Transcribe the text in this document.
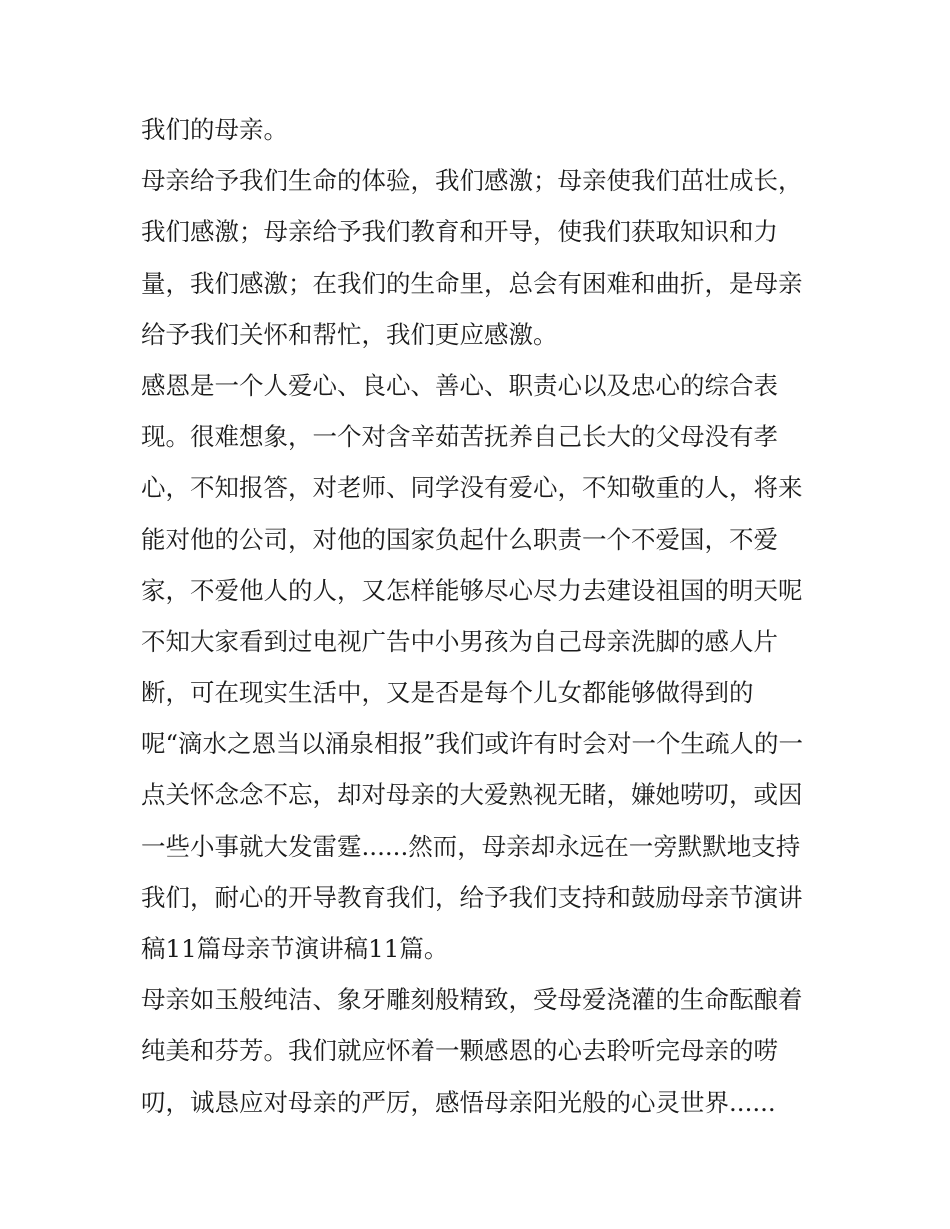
我们的母亲。

母亲给予我们生命的体验，我们感激；母亲使我们茁壮成长，
我们感激；母亲给予我们教育和开导，使我们获取知识和力
量，我们感激；在我们的生命里，总会有困难和曲折，是母亲
给予我们关怀和帮忙，我们更应感激。

感恩是一个人爱心、良心、善心、职责心以及忠心的综合表
现。很难想象，一个对含辛茹苦抚养自己长大的父母没有孝
心，不知报答，对老师、同学没有爱心，不知敬重的人，将来
能对他的公司，对他的国家负起什么职责一个不爱国，不爱
家，不爱他人的人，又怎样能够尽心尽力去建设祖国的明天呢
不知大家看到过电视广告中小男孩为自己母亲洗脚的感人片
断，可在现实生活中，又是否是每个儿女都能够做得到的
呢“滴水之恩当以涌泉相报”我们或许有时会对一个生疏人的一
点关怀念念不忘，却对母亲的大爱熟视无睹，嫌她唠叨，或因
一些小事就大发雷霆......然而，母亲却永远在一旁默默地支持
我们，耐心的开导教育我们，给予我们支持和鼓励母亲节演讲
稿11篇母亲节演讲稿11篇。

母亲如玉般纯洁、象牙雕刻般精致，受母爱浇灌的生命酝酿着
纯美和芬芳。我们就应怀着一颗感恩的心去聆听完母亲的唠
叨，诚恳应对母亲的严厉，感悟母亲阳光般的心灵世界......
